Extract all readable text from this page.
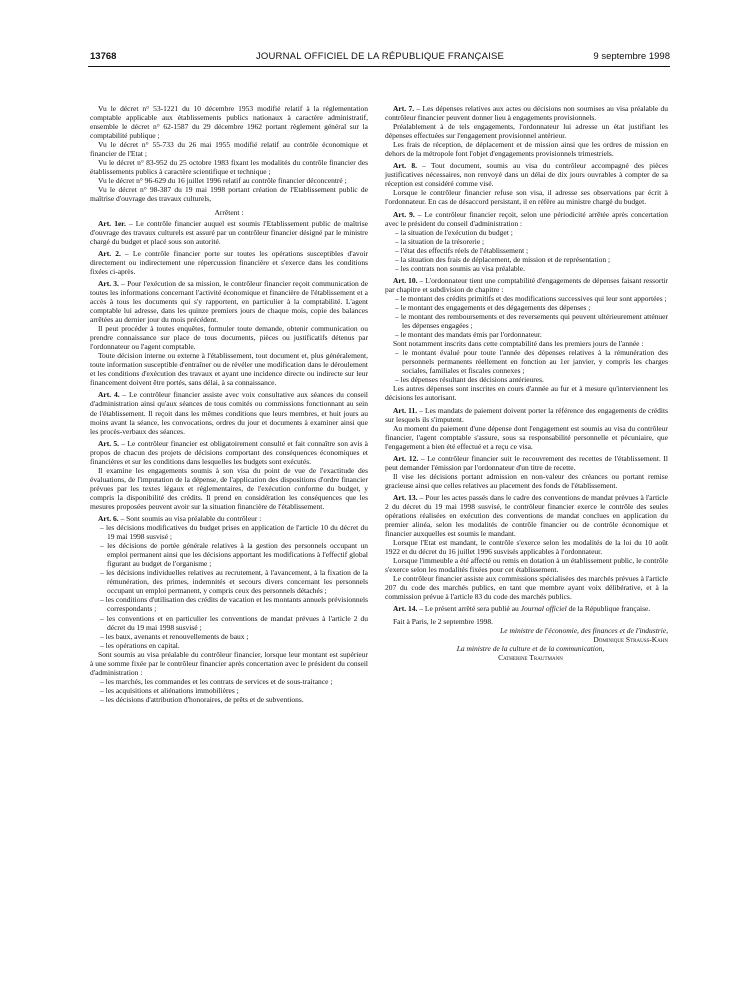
13768	JOURNAL OFFICIEL DE LA RÉPUBLIQUE FRANÇAISE	9 septembre 1998

Vu le décret n° 53-1221 du 10 décembre 1953 modifié relatif à la réglementation comptable applicable aux établissements publics nationaux à caractère administratif, ensemble le décret n° 62-1587 du 29 décembre 1962 portant règlement général sur la comptabilité publique ;

Vu le décret n° 55-733 du 26 mai 1955 modifié relatif au contrôle économique et financier de l'Etat ;

Vu le décret n° 83-952 du 25 octobre 1983 fixant les modalités du contrôle financier des établissements publics à caractère scientifique et technique ;

Vu le décret n° 96-629 du 16 juillet 1996 relatif au contrôle financier déconcentré ;

Vu le décret n° 98-387 du 19 mai 1998 portant création de l'Etablissement public de maîtrise d'ouvrage des travaux culturels,

Arrêtent :

Art. 1er. – Le contrôle financier auquel est soumis l'Etablissement public de maîtrise d'ouvrage des travaux culturels est assuré par un contrôleur financier désigné par le ministre chargé du budget et placé sous son autorité.

Art. 2. – Le contrôle financier porte sur toutes les opérations susceptibles d'avoir directement ou indirectement une répercussion financière et s'exerce dans les conditions fixées ci-après.

Art. 3. – Pour l'exécution de sa mission, le contrôleur financier reçoit communication de toutes les informations concernant l'activité économique et financière de l'établissement et a accès à tous les documents qui s'y rapportent, en particulier à la comptabilité. L'agent comptable lui adresse, dans les quinze premiers jours de chaque mois, copie des balances arrêtées au dernier jour du mois précédent.

Il peut procéder à toutes enquêtes, formuler toute demande, obtenir communication ou prendre connaissance sur place de tous documents, pièces ou justificatifs détenus par l'ordonnateur ou l'agent comptable.

Toute décision interne ou externe à l'établissement, tout document et, plus généralement, toute information susceptible d'entraîner ou de révéler une modification dans le déroulement et les conditions d'exécution des travaux et ayant une incidence directe ou indirecte sur leur financement doivent être portés, sans délai, à sa connaissance.

Art. 4. – Le contrôleur financier assiste avec voix consultative aux séances du conseil d'administration ainsi qu'aux séances de tous comités ou commissions fonctionnant au sein de l'établissement. Il reçoit dans les mêmes conditions que leurs membres, et huit jours au moins avant la séance, les convocations, ordres du jour et documents à examiner ainsi que les procès-verbaux des séances.

Art. 5. – Le contrôleur financier est obligatoirement consulté et fait connaître son avis à propos de chacun des projets de décisions comportant des conséquences économiques et financières et sur les conditions dans lesquelles les budgets sont exécutés.

Il examine les engagements soumis à son visa du point de vue de l'exactitude des évaluations, de l'imputation de la dépense, de l'application des dispositions d'ordre financier prévues par les textes légaux et réglementaires, de l'exécution conforme du budget, y compris la disponibilité des crédits. Il prend en considération les conséquences que les mesures proposées peuvent avoir sur la situation financière de l'établissement.

Art. 6. – Sont soumis au visa préalable du contrôleur :

– les décisions modificatives du budget prises en application de l'article 10 du décret du 19 mai 1998 susvisé ;
– les décisions de portée générale relatives à la gestion des personnels occupant un emploi permanent ainsi que les décisions apportant les modifications à l'effectif global figurant au budget de l'organisme ;
– les décisions individuelles relatives au recrutement, à l'avancement, à la fixation de la rémunération, des primes, indemnités et secours divers concernant les personnels occupant un emploi permanent, y compris ceux des personnels détachés ;
– les conditions d'utilisation des crédits de vacation et les montants annuels prévisionnels correspondants ;
– les conventions et en particulier les conventions de mandat prévues à l'article 2 du décret du 19 mai 1998 susvisé ;
– les baux, avenants et renouvellements de baux ;
– les opérations en capital.

Sont soumis au visa préalable du contrôleur financier, lorsque leur montant est supérieur à une somme fixée par le contrôleur financier après concertation avec le président du conseil d'administration :

– les marchés, les commandes et les contrats de services et de sous-traitance ;
– les acquisitions et aliénations immobilières ;
– les décisions d'attribution d'honoraires, de prêts et de subventions.

Art. 7. – Les dépenses relatives aux actes ou décisions non soumises au visa préalable du contrôleur financier peuvent donner lieu à engagements provisionnels.

Préalablement à de tels engagements, l'ordonnateur lui adresse un état justifiant les dépenses effectuées sur l'engagement provisionnel antérieur.

Les frais de réception, de déplacement et de mission ainsi que les ordres de mission en dehors de la métropole font l'objet d'engagements provisionnels trimestriels.

Art. 8. – Tout document, soumis au visa du contrôleur accompagné des pièces justificatives nécessaires, non renvoyé dans un délai de dix jours ouvrables à compter de sa réception est considéré comme visé.

Lorsque le contrôleur financier refuse son visa, il adresse ses observations par écrit à l'ordonnateur. En cas de désaccord persistant, il en réfère au ministre chargé du budget.

Art. 9. – Le contrôleur financier reçoit, selon une périodicité arrêtée après concertation avec le président du conseil d'administration :

– la situation de l'exécution du budget ;
– la situation de la trésorerie ;
– l'état des effectifs réels de l'établissement ;
– la situation des frais de déplacement, de mission et de représentation ;
– les contrats non soumis au visa préalable.

Art. 10. – L'ordonnateur tient une comptabilité d'engagements de dépenses faisant ressortir par chapitre et subdivision de chapitre :

– le montant des crédits primitifs et des modifications successives qui leur sont apportées ;
– le montant des engagements et des dégagements des dépenses ;
– le montant des remboursements et des reversements qui peuvent ultérieurement atténuer les dépenses engagées ;
– le montant des mandats émis par l'ordonnateur.

Sont notamment inscrits dans cette comptabilité dans les premiers jours de l'année :

– le montant évalué pour toute l'année des dépenses relatives à la rémunération des personnels permanents réellement en fonction au 1er janvier, y compris les charges sociales, familiales et fiscales connexes ;
– les dépenses résultant des décisions antérieures.

Les autres dépenses sont inscrites en cours d'année au fur et à mesure qu'interviennent les décisions les autorisant.

Art. 11. – Les mandats de paiement doivent porter la référence des engagements de crédits sur lesquels ils s'imputent.

Au moment du paiement d'une dépense dont l'engagement est soumis au visa du contrôleur financier, l'agent comptable s'assure, sous sa responsabilité personnelle et pécuniaire, que l'engagement a bien été effectué et a reçu ce visa.

Art. 12. – Le contrôleur financier suit le recouvrement des recettes de l'établissement. Il peut demander l'émission par l'ordonnateur d'un titre de recette.

Il vise les décisions portant admission en non-valeur des créances ou portant remise gracieuse ainsi que celles relatives au placement des fonds de l'établissement.

Art. 13. – Pour les actes passés dans le cadre des conventions de mandat prévues à l'article 2 du décret du 19 mai 1998 susvisé, le contrôleur financier exerce le contrôle des seules opérations réalisées en exécution des conventions de mandat conclues en application du premier alinéa, selon les modalités de contrôle financier ou de contrôle économique et financier auxquelles est soumis le mandant.

Lorsque l'Etat est mandant, le contrôle s'exerce selon les modalités de la loi du 10 août 1922 et du décret du 16 juillet 1996 susvisés applicables à l'ordonnateur.

Lorsque l'immeuble a été affecté ou remis en dotation à un établissement public, le contrôle s'exerce selon les modalités fixées pour cet établissement.

Le contrôleur financier assiste aux commissions spécialisées des marchés prévues à l'article 207 du code des marchés publics, en tant que membre ayant voix délibérative, et à la commission prévue à l'article 83 du code des marchés publics.

Art. 14. – Le présent arrêté sera publié au Journal officiel de la République française.

Fait à Paris, le 2 septembre 1998.

Le ministre de l'économie, des finances et de l'industrie,
Dominique Strauss-Kahn

La ministre de la culture et de la communication,
Catherine Trautmann
